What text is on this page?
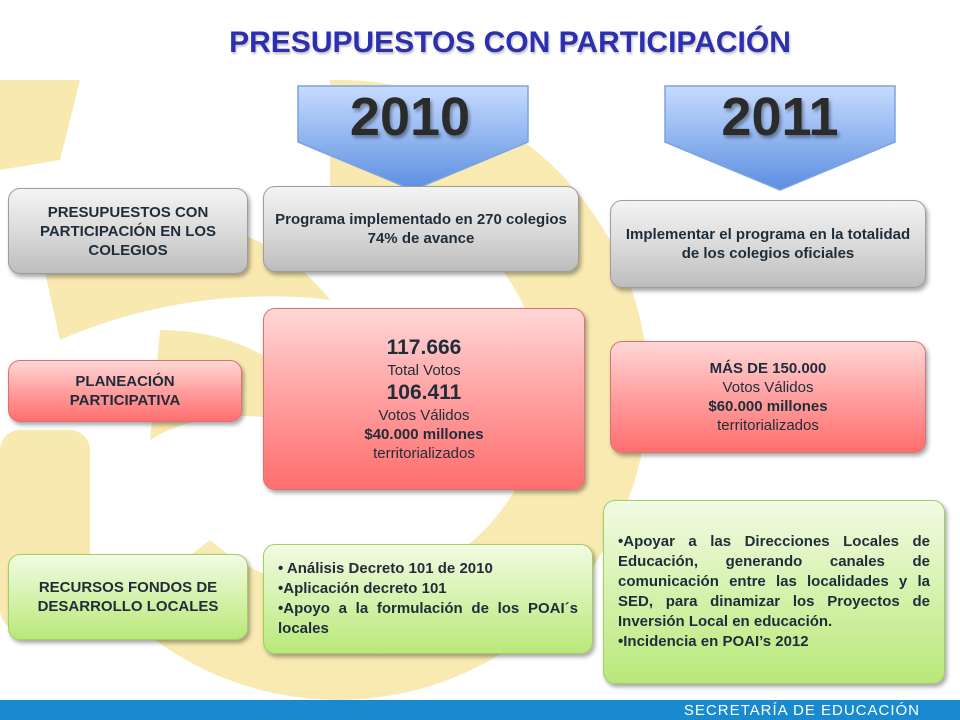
PRESUPUESTOS CON PARTICIPACIÓN
2010	2011
PRESUPUESTOS CON PARTICIPACIÓN EN LOS COLEGIOS
Programa implementado en 270 colegios
74% de avance	Implementar el programa en la totalidad de los colegios oficiales
PLANEACIÓN PARTICIPATIVA
117.666
Total Votos
106.411
Votos Válidos
$40.000 millones
territorializados
MÁS DE 150.000
Votos Válidos
$60.000 millones
territorializados
RECURSOS FONDOS DE DESARROLLO LOCALES
• Análisis Decreto 101 de 2010
•Aplicación decreto 101
•Apoyo a la formulación de los POAI´s locales
•Apoyar a las Direcciones Locales de Educación, generando canales de comunicación entre las localidades y la SED, para dinamizar los Proyectos de Inversión Local en educación.
•Incidencia en POAI’s 2012
SECRETARÍA DE EDUCACIÓN
